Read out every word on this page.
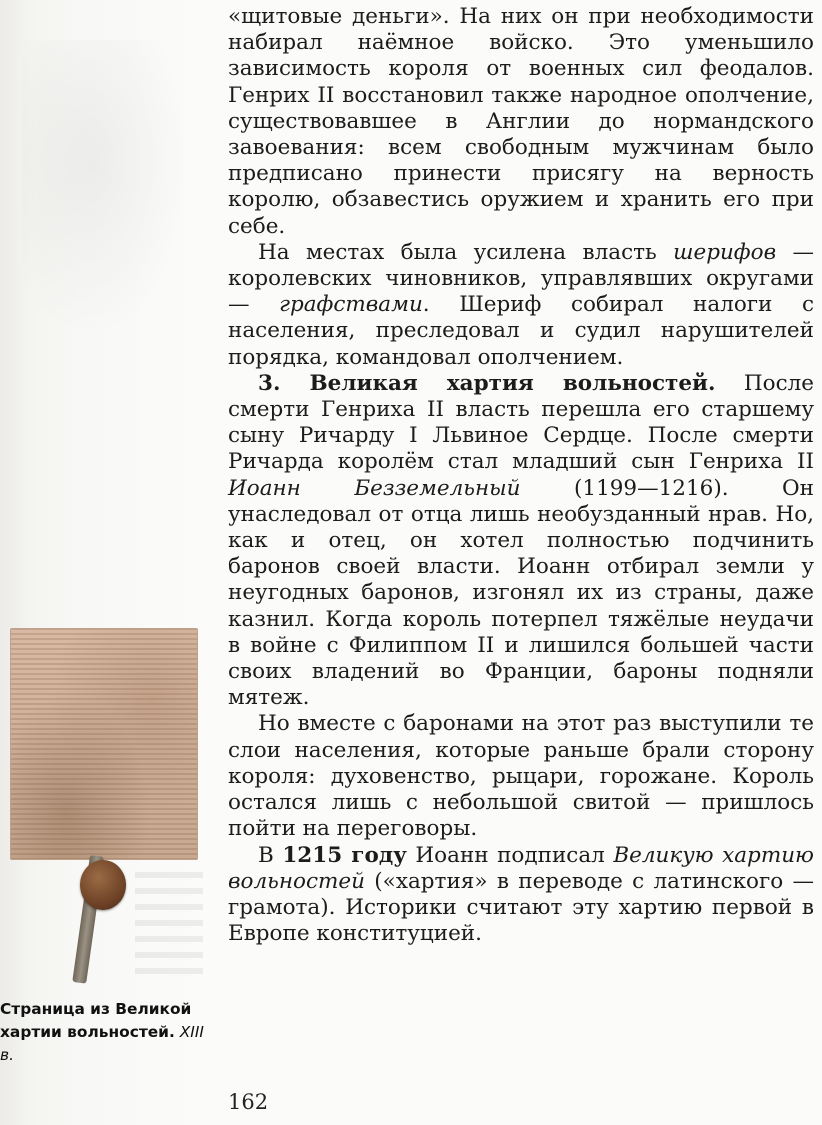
Страница из Великой хартии вольностей. XIII в.

«щитовые деньги». На них он при необходимости набирал наёмное войско. Это уменьшило зависимость короля от военных сил феодалов. Генрих II восстановил также народное ополчение, существовавшее в Англии до нормандского завоевания: всем свободным мужчинам было предписано принести присягу на верность королю, обзавестись оружием и хранить его при себе.

На местах была усилена власть шерифов — королевских чиновников, управлявших округами — графствами. Шериф собирал налоги с населения, преследовал и судил нарушителей порядка, командовал ополчением.

3. Великая хартия вольностей. После смерти Генриха II власть перешла его старшему сыну Ричарду I Львиное Сердце. После смерти Ричарда королём стал младший сын Генриха II Иоанн Безземельный (1199—1216). Он унаследовал от отца лишь необузданный нрав. Но, как и отец, он хотел полностью подчинить баронов своей власти. Иоанн отбирал земли у неугодных баронов, изгонял их из страны, даже казнил. Когда король потерпел тяжёлые неудачи в войне с Филиппом II и лишился большей части своих владений во Франции, бароны подняли мятеж.

Но вместе с баронами на этот раз выступили те слои населения, которые раньше брали сторону короля: духовенство, рыцари, горожане. Король остался лишь с небольшой свитой — пришлось пойти на переговоры.

В 1215 году Иоанн подписал Великую хартию вольностей («хартия» в переводе с латинского — грамота). Историки считают эту хартию первой в Европе конституцией.

162
